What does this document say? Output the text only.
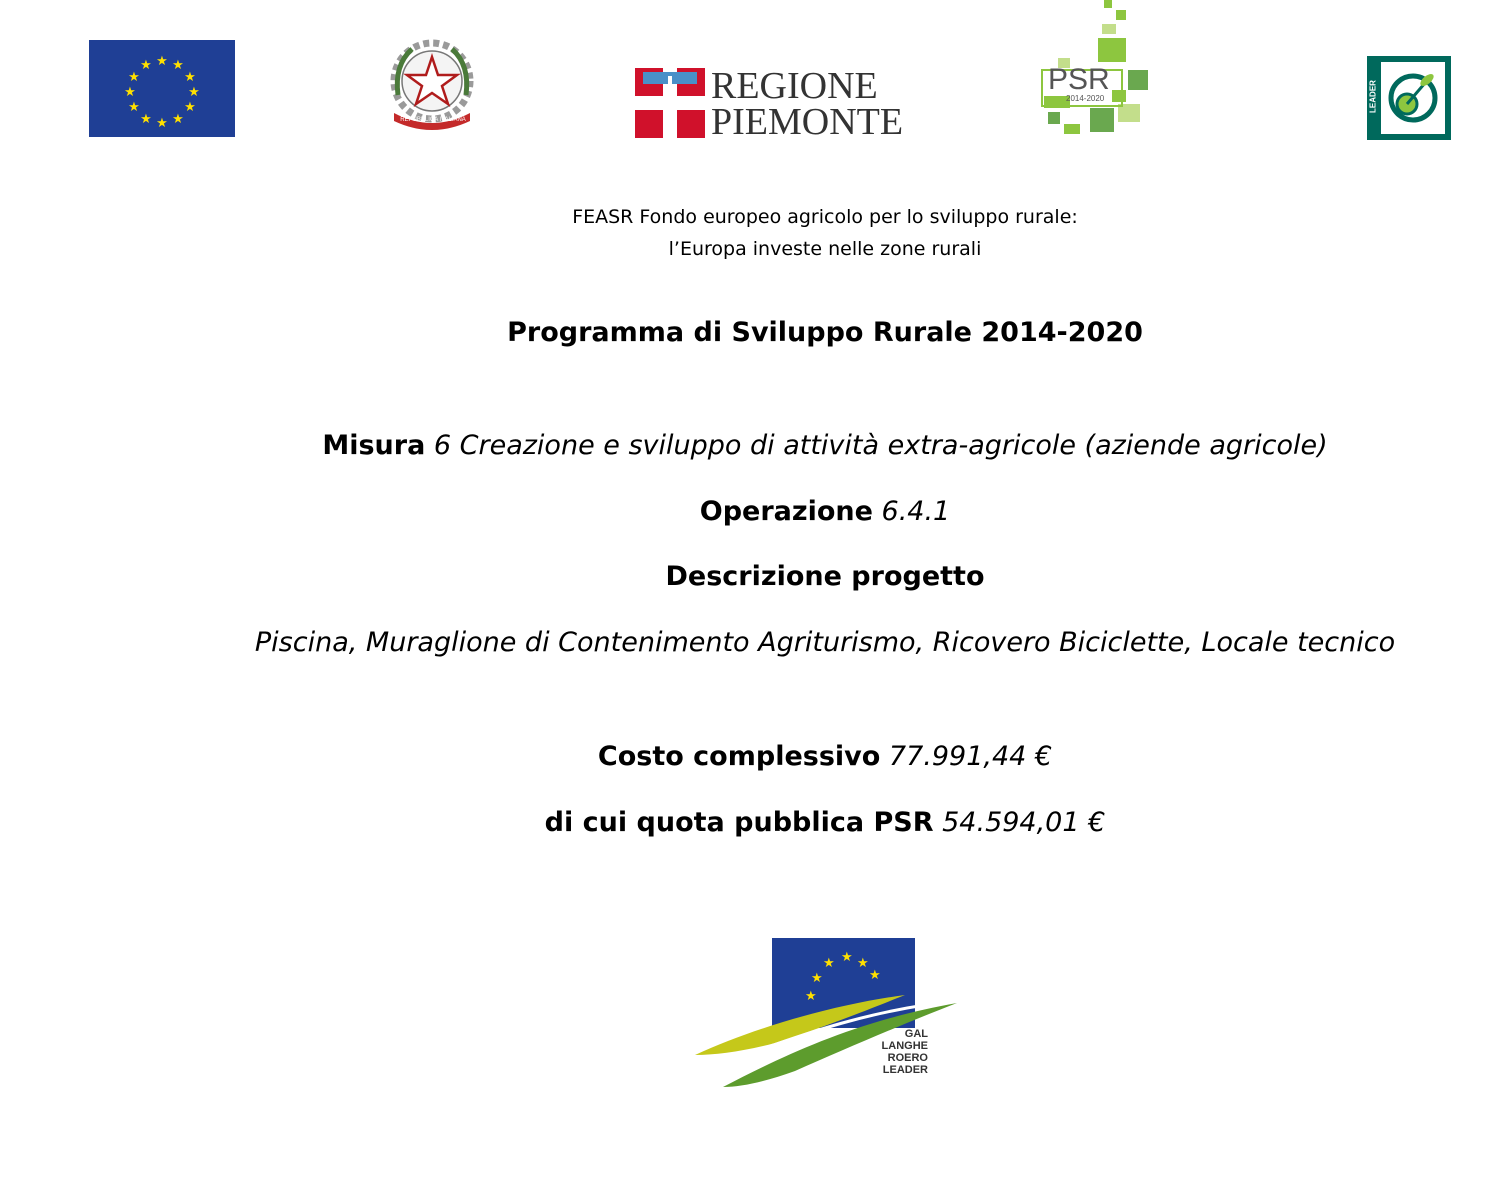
★ ★
★
★
★
★
★
★
★
★
★
★	REGIONE
PIEMONTE
PSR
2014-2020	LEADER
FEASR Fondo europeo agricolo per lo sviluppo rurale:
l’Europa investe nelle zone rurali
Programma di Sviluppo Rurale 2014-2020
Misura 6 Creazione e sviluppo di attività extra-agricole (aziende agricole)
Operazione 6.4.1
Descrizione progetto
Piscina, Muraglione di Contenimento Agriturismo, Ricovero Biciclette, Locale tecnico
Costo complessivo 77.991,44 €
di cui quota pubblica PSR 54.594,01 €
★ ★
★
★
★
★
GAL
LANGHE
ROERO
LEADER
REPUBBLICA ITALIANA
